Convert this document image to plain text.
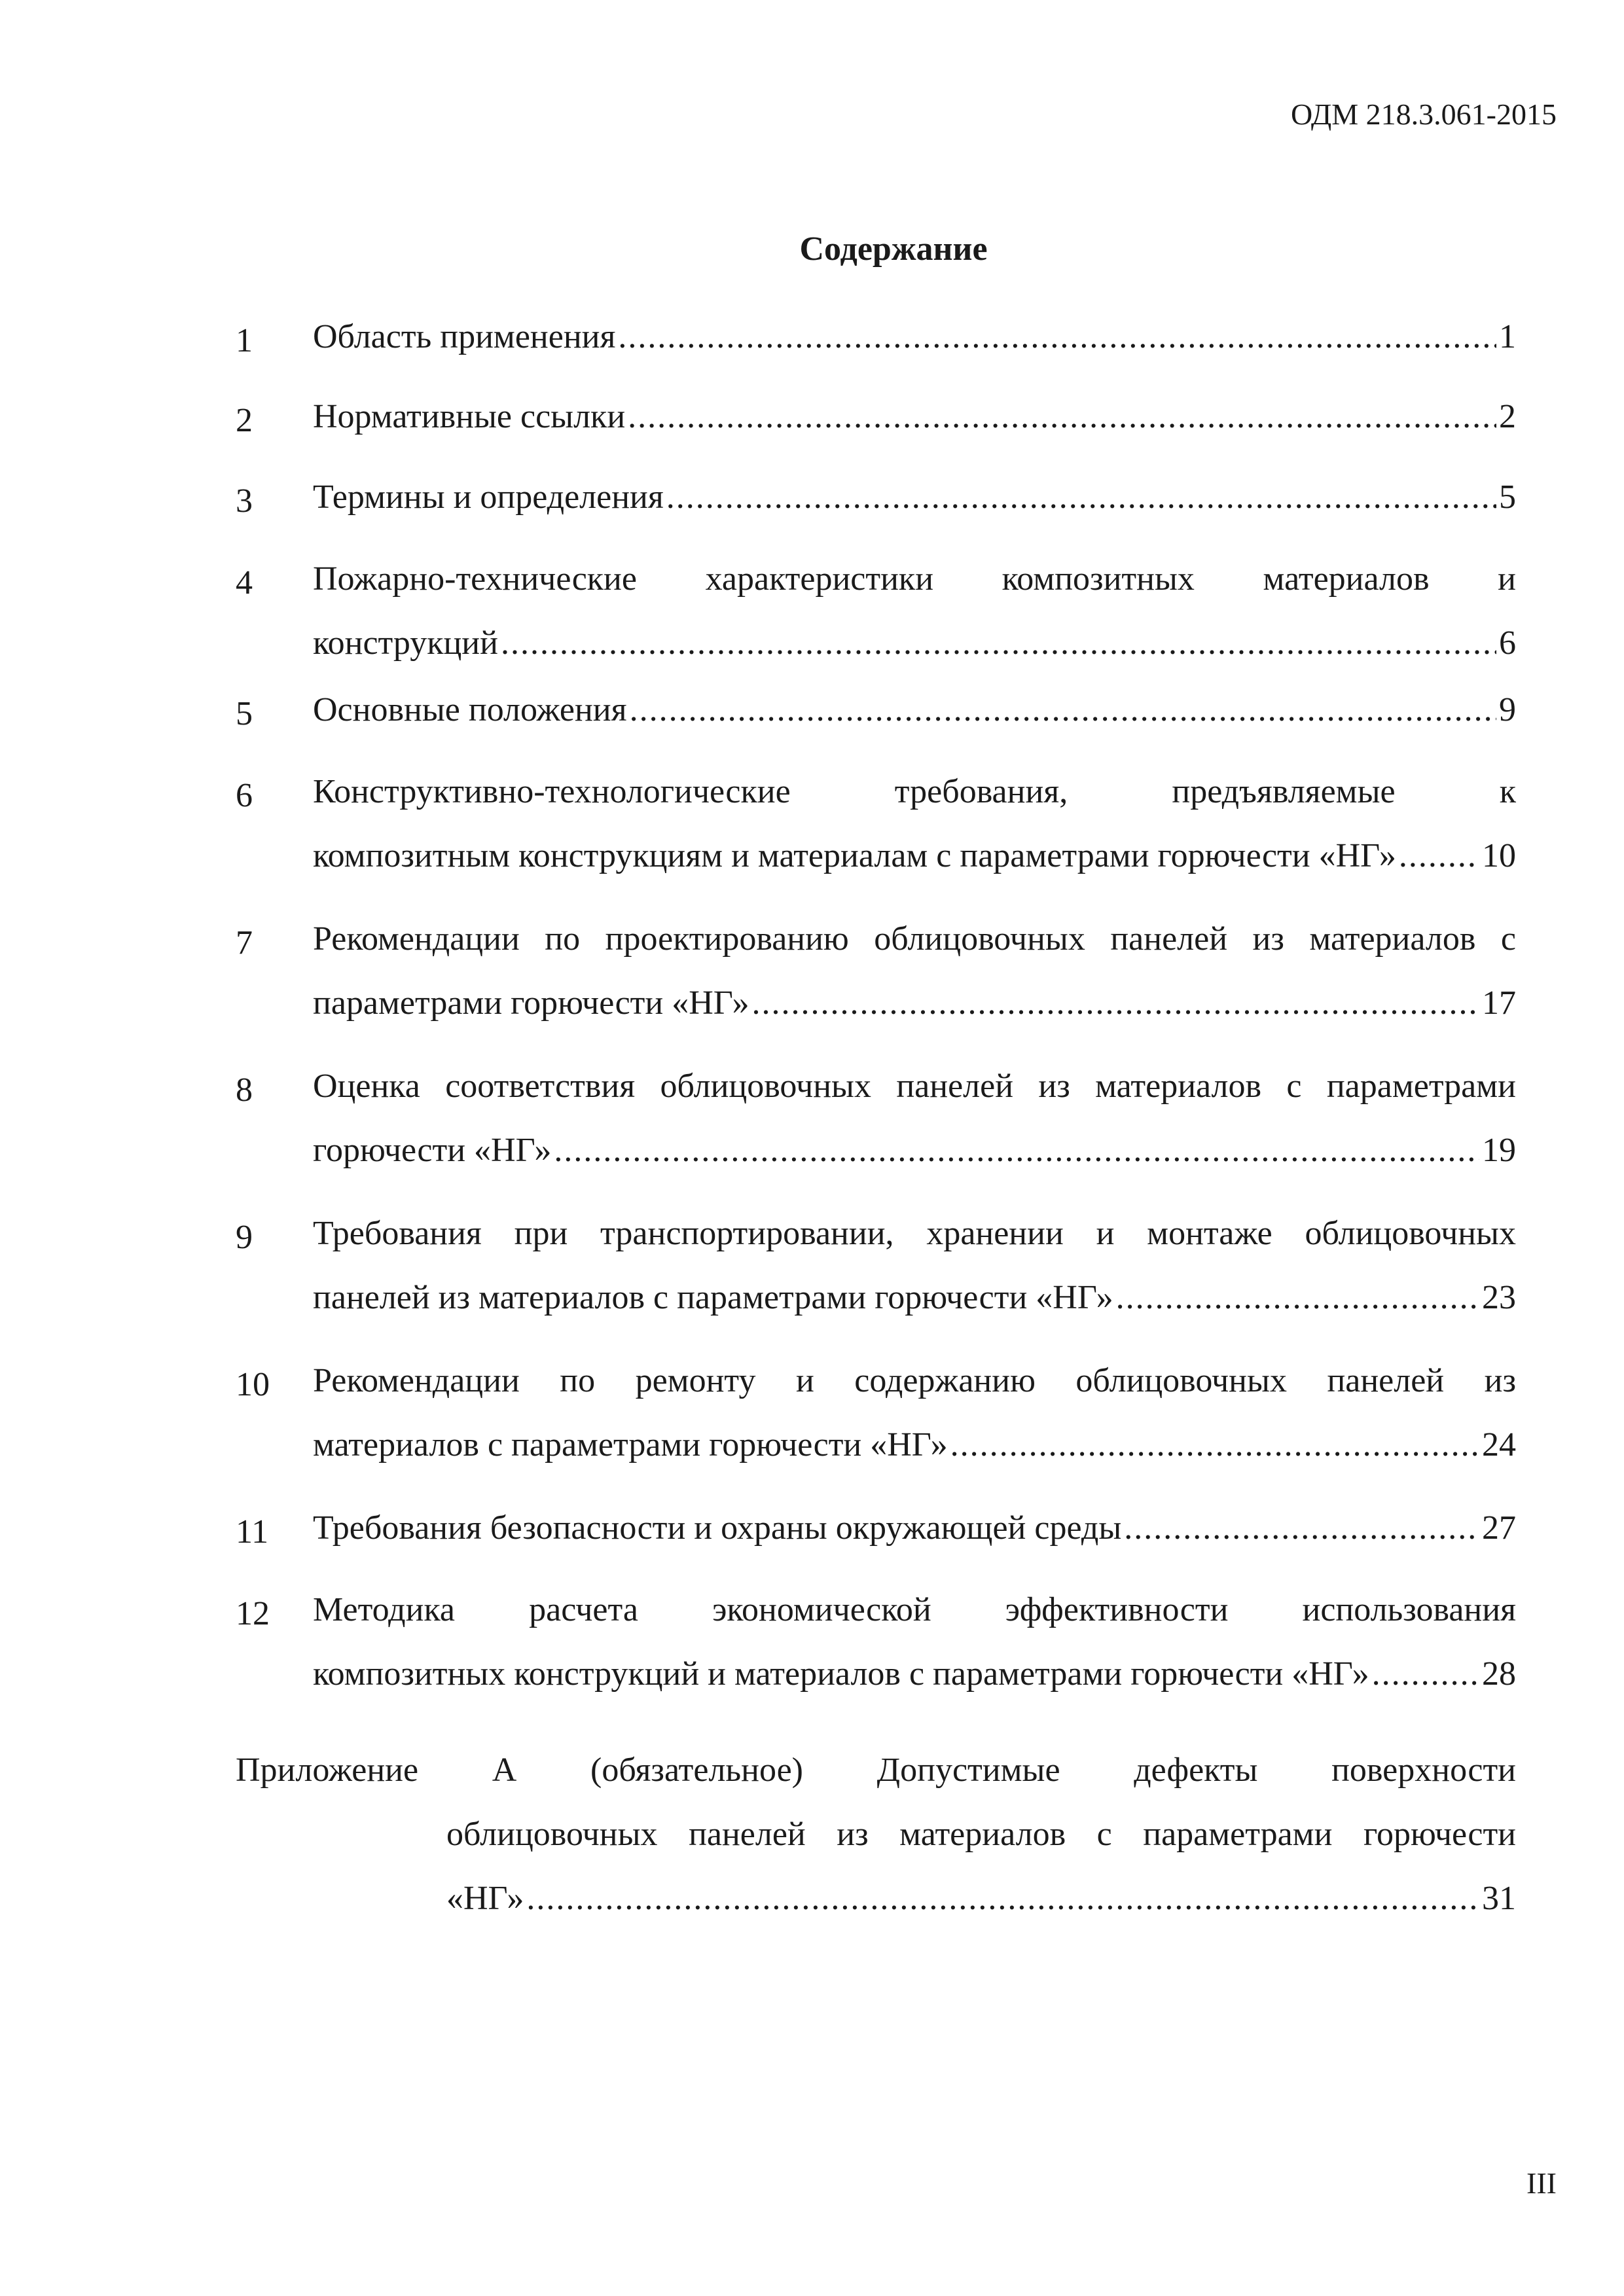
ОДМ 218.3.061-2015
Содержание
1 Область применения .....	1
2 Нормативные ссылки .....	2
3 Термины и определения .....	5
4 Пожарно-технические характеристики композитных материалов и
конструкций .....	6
5 Основные положения .....	9
6 Конструктивно-технологические требования, предъявляемые к
композитным конструкциям и материалам с параметрами горючести «НГ» .....	10
7 Рекомендации по проектированию облицовочных панелей из материалов с
параметрами горючести «НГ» .....	17
8 Оценка соответствия облицовочных панелей из материалов с параметрами
горючести «НГ» .....	19
9 Требования при транспортировании, хранении и монтаже облицовочных
панелей из материалов с параметрами горючести «НГ» .....	23
10 Рекомендации по ремонту и содержанию облицовочных панелей из
материалов с параметрами горючести «НГ» .....	24
11 Требования безопасности и охраны окружающей среды .....	27
12 Методика расчета экономической эффективности использования
композитных конструкций и материалов с параметрами горючести «НГ» .....	28
Приложение А (обязательное) Допустимые дефекты поверхности
облицовочных панелей из материалов с параметрами горючести
«НГ» .....	31
III
